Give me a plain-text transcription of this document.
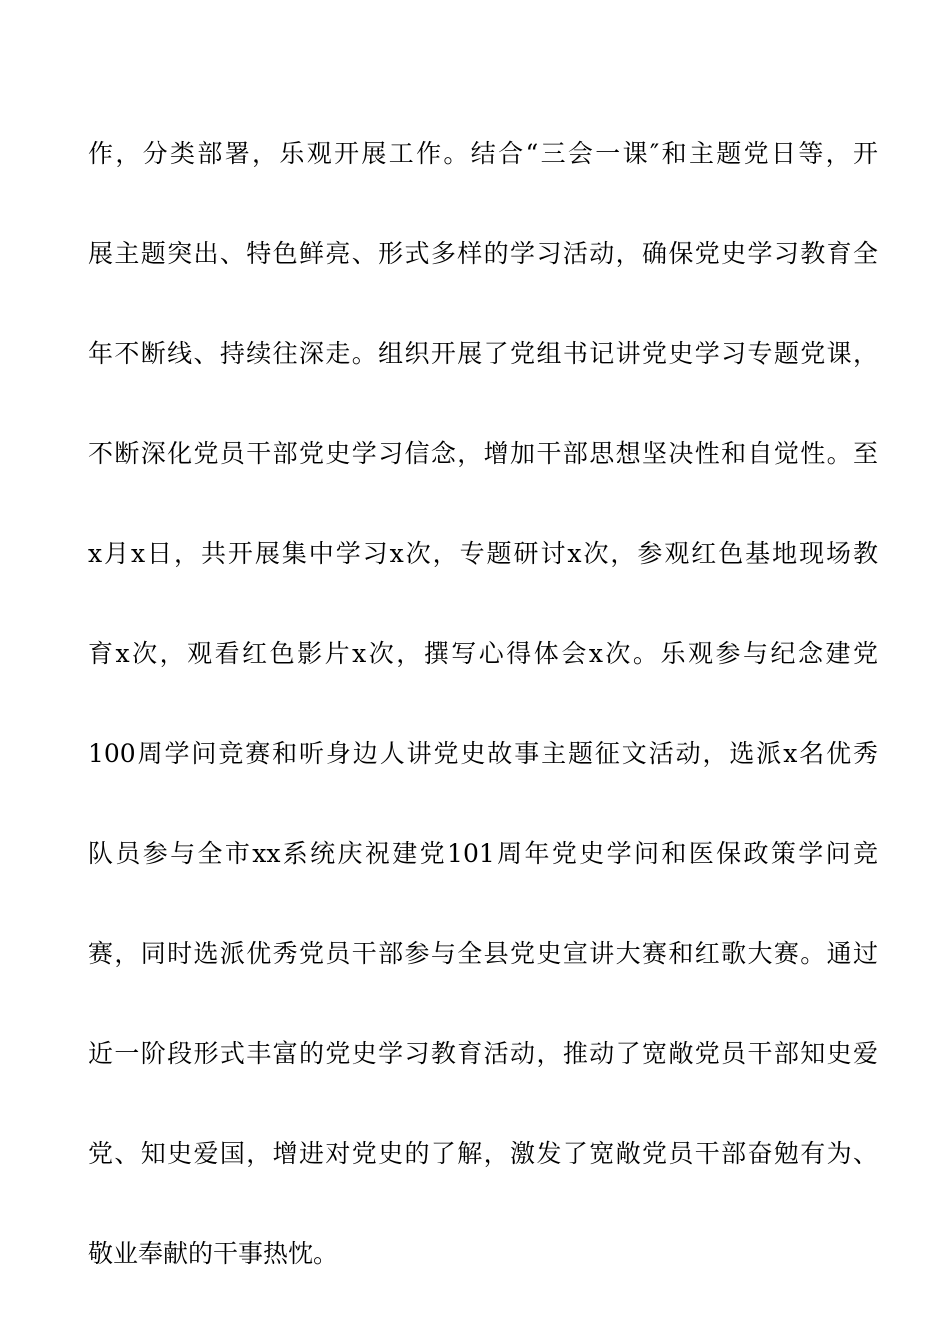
作，分类部署，乐观开展工作。结合“三会一课″和主题党日等，开
展主题突出、特色鲜亮、形式多样的学习活动，确保党史学习教育全
年不断线、持续往深走。组织开展了党组书记讲党史学习专题党课，
不断深化党员干部党史学习信念，增加干部思想坚决性和自觉性。至
x月x日，共开展集中学习x次，专题研讨x次，参观红色基地现场教
育x次，观看红色影片x次，撰写心得体会x次。乐观参与纪念建党
100周学问竞赛和听身边人讲党史故事主题征文活动，选派x名优秀
队员参与全市xx系统庆祝建党101周年党史学问和医保政策学问竞
赛，同时选派优秀党员干部参与全县党史宣讲大赛和红歌大赛。通过
近一阶段形式丰富的党史学习教育活动，推动了宽敞党员干部知史爱
党、知史爱国，增进对党史的了解，激发了宽敞党员干部奋勉有为、
敬业奉献的干事热忱。
